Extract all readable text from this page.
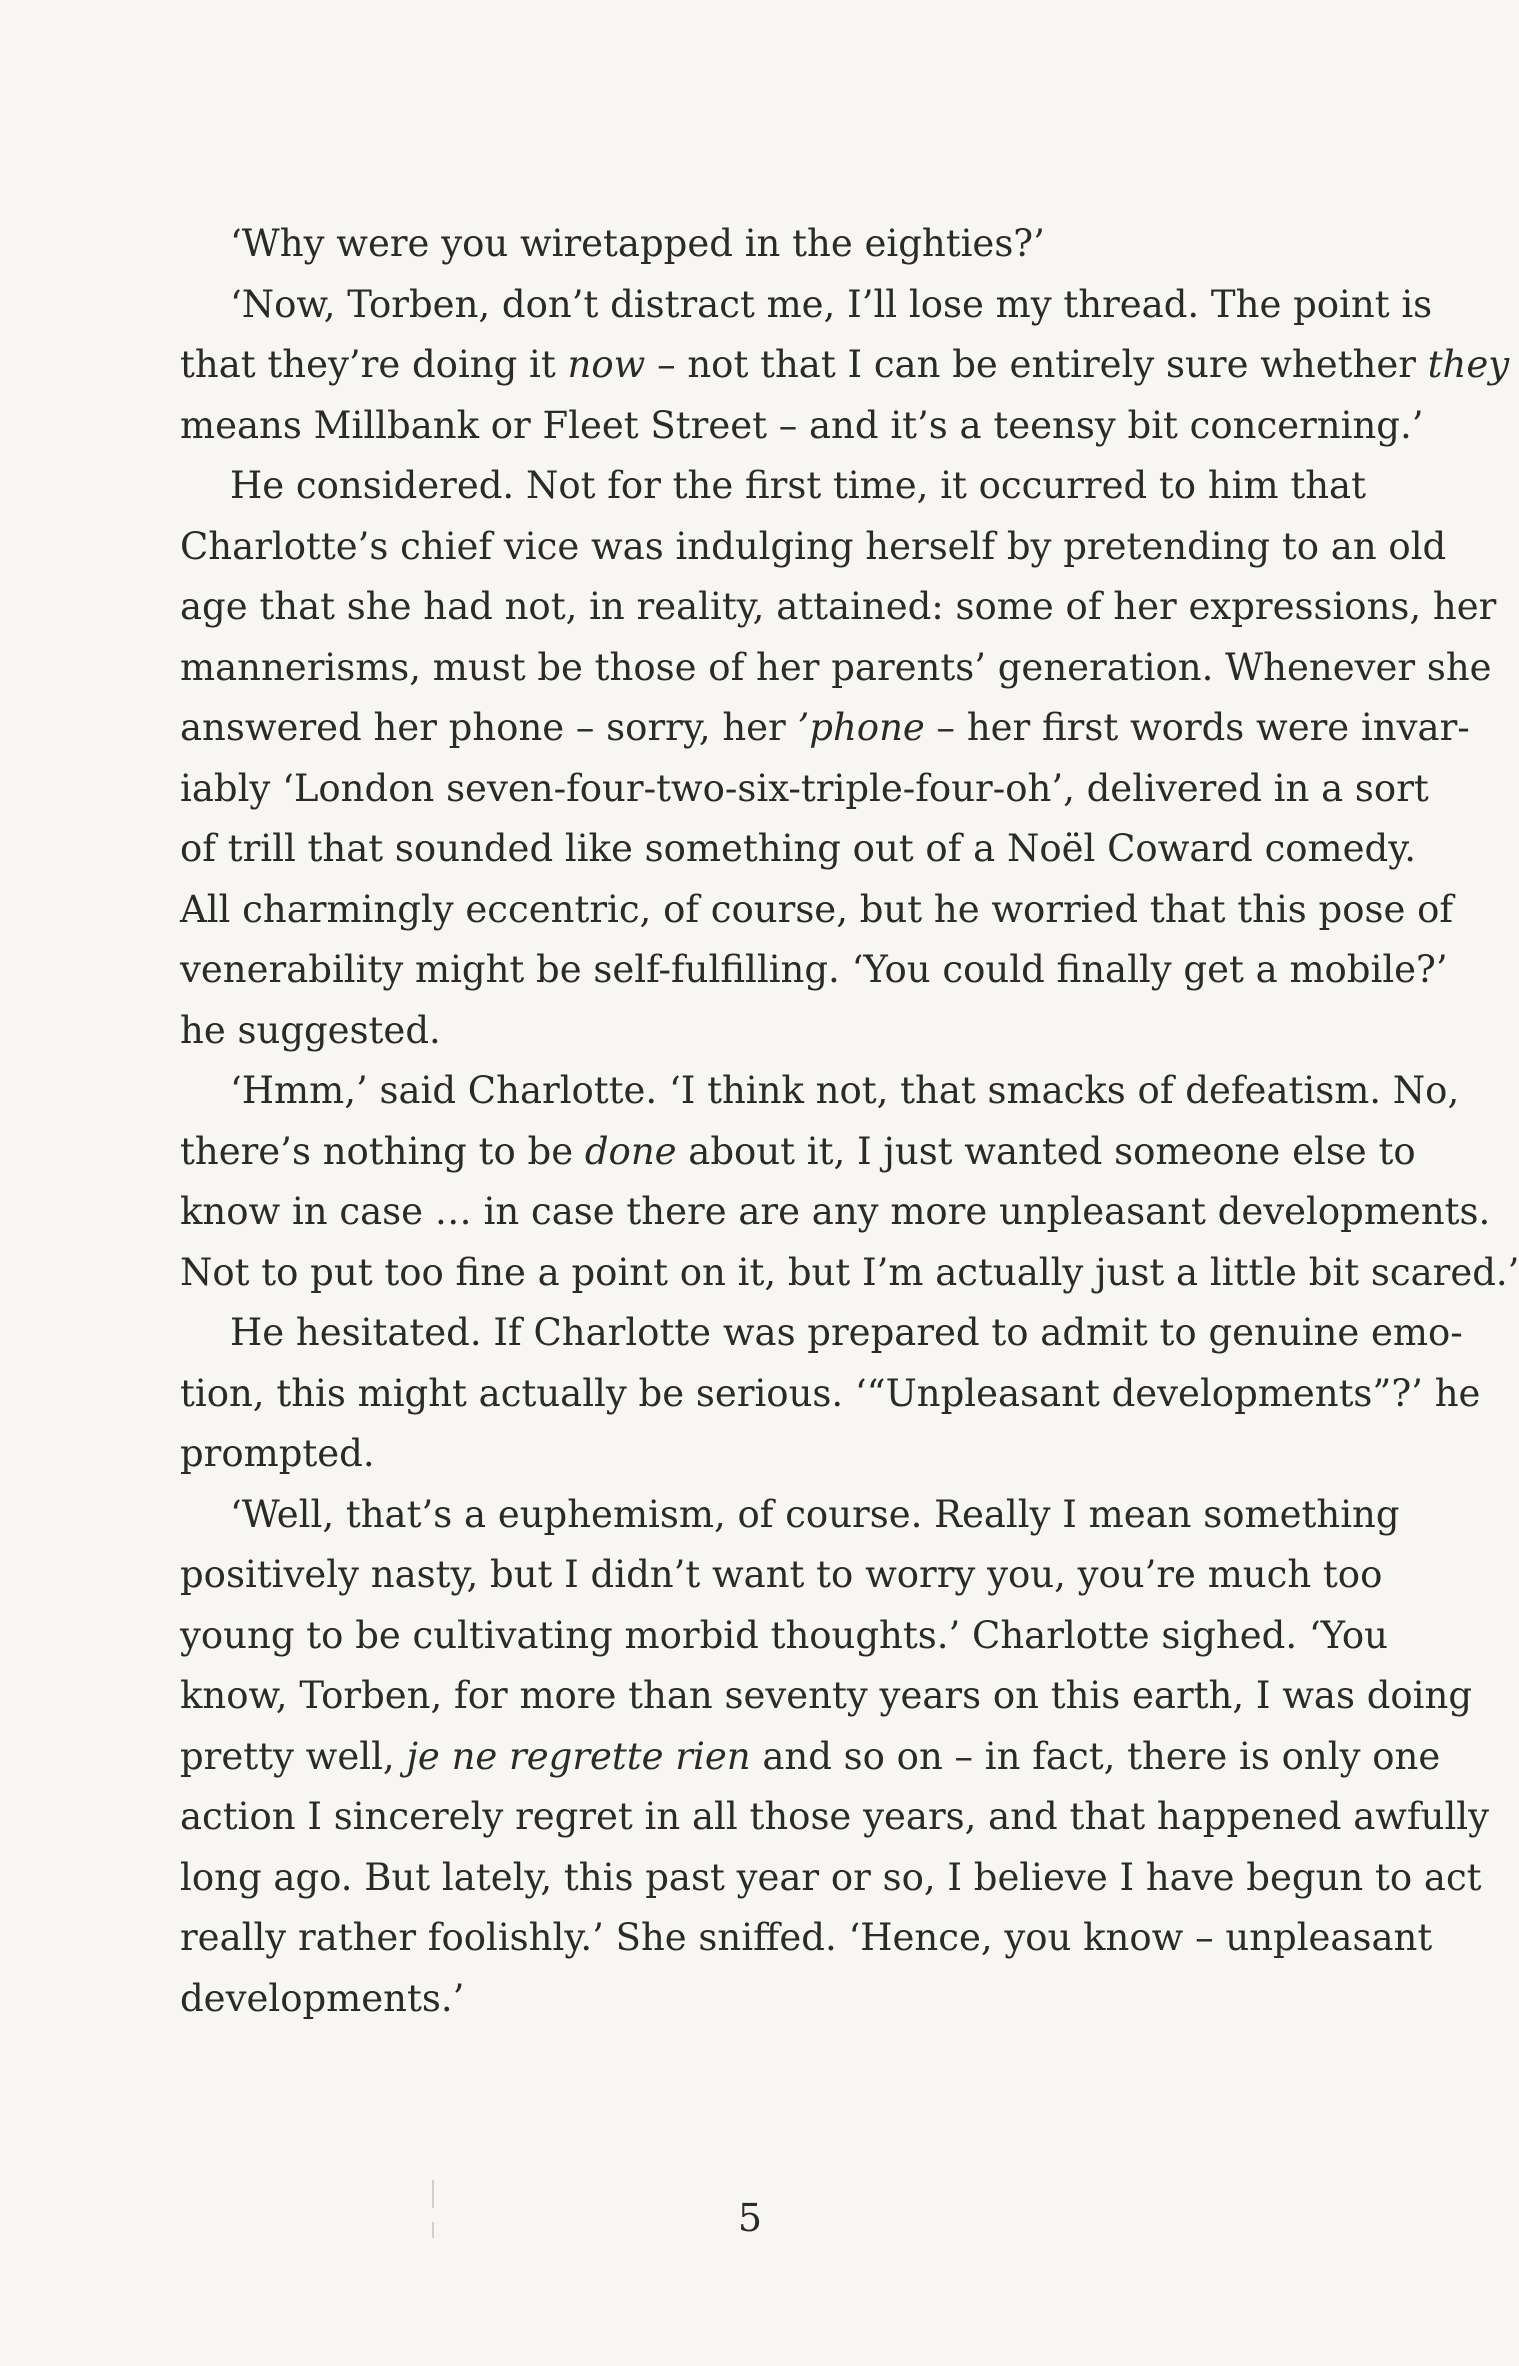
‘Why were you wiretapped in the eighties?’
‘Now, Torben, don’t distract me, I’ll lose my thread. The point is
that they’re doing it now – not that I can be entirely sure whether they
means Millbank or Fleet Street – and it’s a teensy bit concerning.’
He considered. Not for the first time, it occurred to him that
Charlotte’s chief vice was indulging herself by pretending to an old
age that she had not, in reality, attained: some of her expressions, her
mannerisms, must be those of her parents’ generation. Whenever she
answered her phone – sorry, her ’phone – her first words were invar-
iably ‘London seven-four-two-six-triple-four-oh’, delivered in a sort
of trill that sounded like something out of a Noël Coward comedy.
All charmingly eccentric, of course, but he worried that this pose of
venerability might be self-fulfilling. ‘You could finally get a mobile?’
he suggested.
‘Hmm,’ said Charlotte. ‘I think not, that smacks of defeatism. No,
there’s nothing to be done about it, I just wanted someone else to
know in case … in case there are any more unpleasant developments.
Not to put too fine a point on it, but I’m actually just a little bit scared.’
He hesitated. If Charlotte was prepared to admit to genuine emo-
tion, this might actually be serious. ‘“Unpleasant developments”?’ he
prompted.
‘Well, that’s a euphemism, of course. Really I mean something
positively nasty, but I didn’t want to worry you, you’re much too
young to be cultivating morbid thoughts.’ Charlotte sighed. ‘You
know, Torben, for more than seventy years on this earth, I was doing
pretty well, je ne regrette rien and so on – in fact, there is only one
action I sincerely regret in all those years, and that happened awfully
long ago. But lately, this past year or so, I believe I have begun to act
really rather foolishly.’ She sniffed. ‘Hence, you know – unpleasant
developments.’
5
